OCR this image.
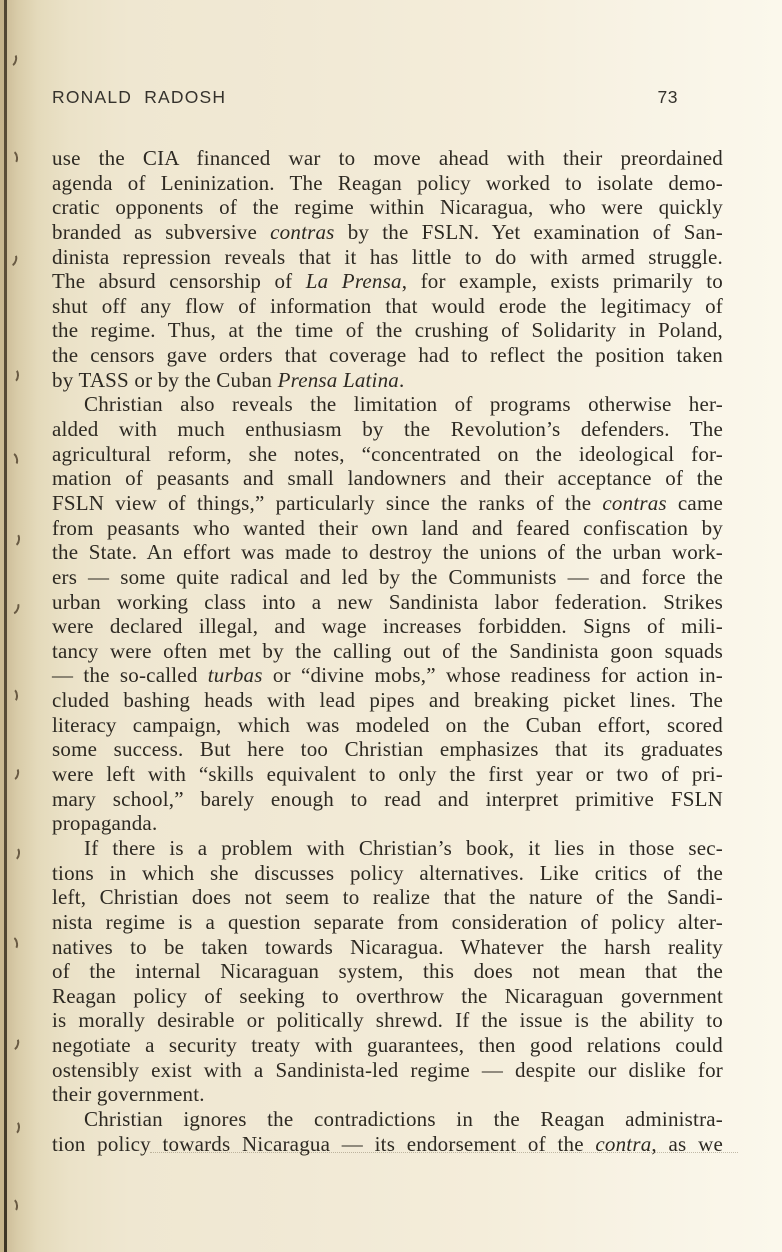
RONALD RADOSH	73
use the CIA financed war to move ahead with their preordained
agenda of Leninization. The Reagan policy worked to isolate demo-
cratic opponents of the regime within Nicaragua, who were quickly
branded as subversive contras by the FSLN. Yet examination of San-
dinista repression reveals that it has little to do with armed struggle.
The absurd censorship of La Prensa, for example, exists primarily to
shut off any flow of information that would erode the legitimacy of
the regime. Thus, at the time of the crushing of Solidarity in Poland,
the censors gave orders that coverage had to reflect the position taken
by TASS or by the Cuban Prensa Latina.
Christian also reveals the limitation of programs otherwise her-
alded with much enthusiasm by the Revolution’s defenders. The
agricultural reform, she notes, “concentrated on the ideological for-
mation of peasants and small landowners and their acceptance of the
FSLN view of things,” particularly since the ranks of the contras came
from peasants who wanted their own land and feared confiscation by
the State. An effort was made to destroy the unions of the urban work-
ers — some quite radical and led by the Communists — and force the
urban working class into a new Sandinista labor federation. Strikes
were declared illegal, and wage increases forbidden. Signs of mili-
tancy were often met by the calling out of the Sandinista goon squads
— the so-called turbas or “divine mobs,” whose readiness for action in-
cluded bashing heads with lead pipes and breaking picket lines. The
literacy campaign, which was modeled on the Cuban effort, scored
some success. But here too Christian emphasizes that its graduates
were left with “skills equivalent to only the first year or two of pri-
mary school,” barely enough to read and interpret primitive FSLN
propaganda.
If there is a problem with Christian’s book, it lies in those sec-
tions in which she discusses policy alternatives. Like critics of the
left, Christian does not seem to realize that the nature of the Sandi-
nista regime is a question separate from consideration of policy alter-
natives to be taken towards Nicaragua. Whatever the harsh reality
of the internal Nicaraguan system, this does not mean that the
Reagan policy of seeking to overthrow the Nicaraguan government
is morally desirable or politically shrewd. If the issue is the ability to
negotiate a security treaty with guarantees, then good relations could
ostensibly exist with a Sandinista-led regime — despite our dislike for
their government.
Christian ignores the contradictions in the Reagan administra-
tion policy towards Nicaragua — its endorsement of the contra, as we
